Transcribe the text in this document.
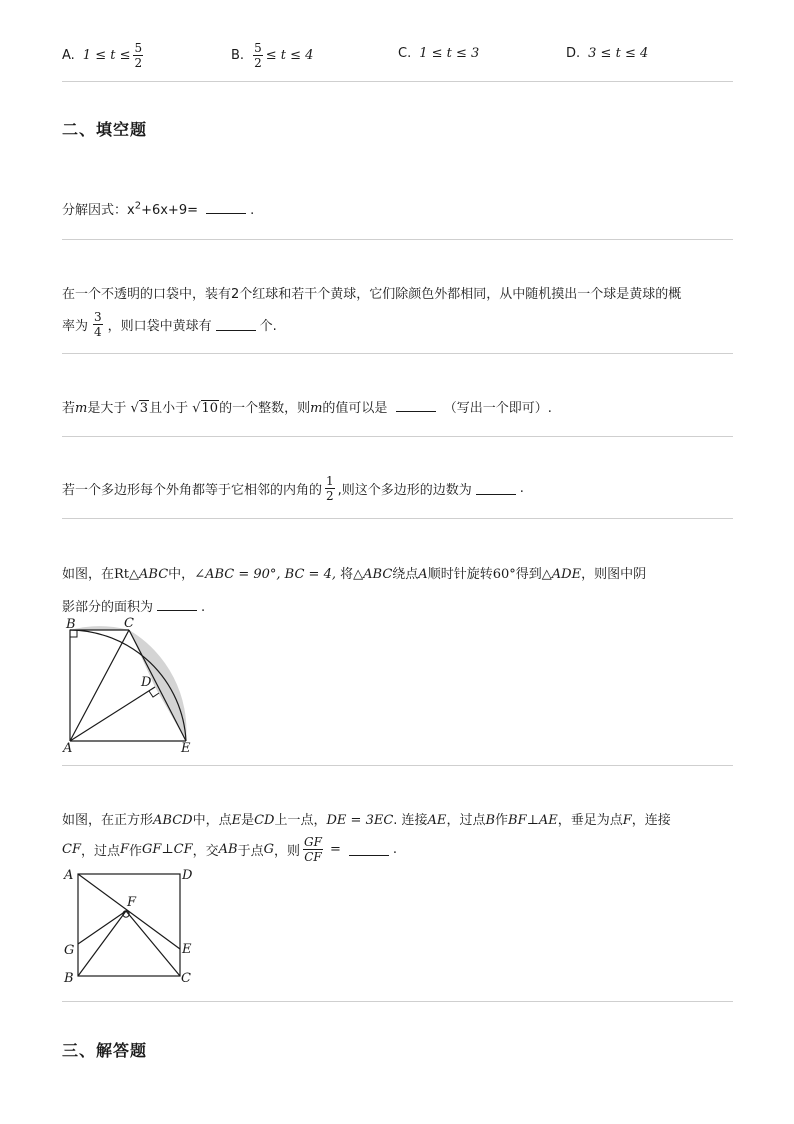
A. $1 \le t \le \frac{5}{2}$	B. $\frac{5}{2} \le t \le 4$	C. 1 ≤ t ≤ 3	D. 3 ≤ t ≤ 4
二、填空题
分解因式：$x^2+6x+9=$	.
在一个不透明的口袋中，装有2个红球和若干个黄球，它们除颜色外都相同，从中随机摸出一个球是黄球的概
率为 $\frac{3}{4}$ ，则口袋中黄球有	个.
若m是大于 √3且小于 √10的一个整数，则m的值可以是	（写出一个即可）.
若一个多边形每个外角都等于它相邻的内角的 $\frac{1}{2}$ ,则这个多边形的边数为	.
如图，在Rt△ABC中，∠ABC = 90°, BC = 4, 将△ABC绕点A顺时针旋转60°得到△ADE，则图中阴
影部分的面积为	.
B	C
D
A	E
如图，在正方形ABCD中，点E是CD上一点，DE = 3EC. 连接AE，过点B作BF⊥AE，垂足为点F，连接
CF ，过点 F 作 GF⊥CF ，交 AB 于点 G ，则 $\frac{GF}{CF}$ =	.
A	D
F
G	E
B	C
三、解答题
